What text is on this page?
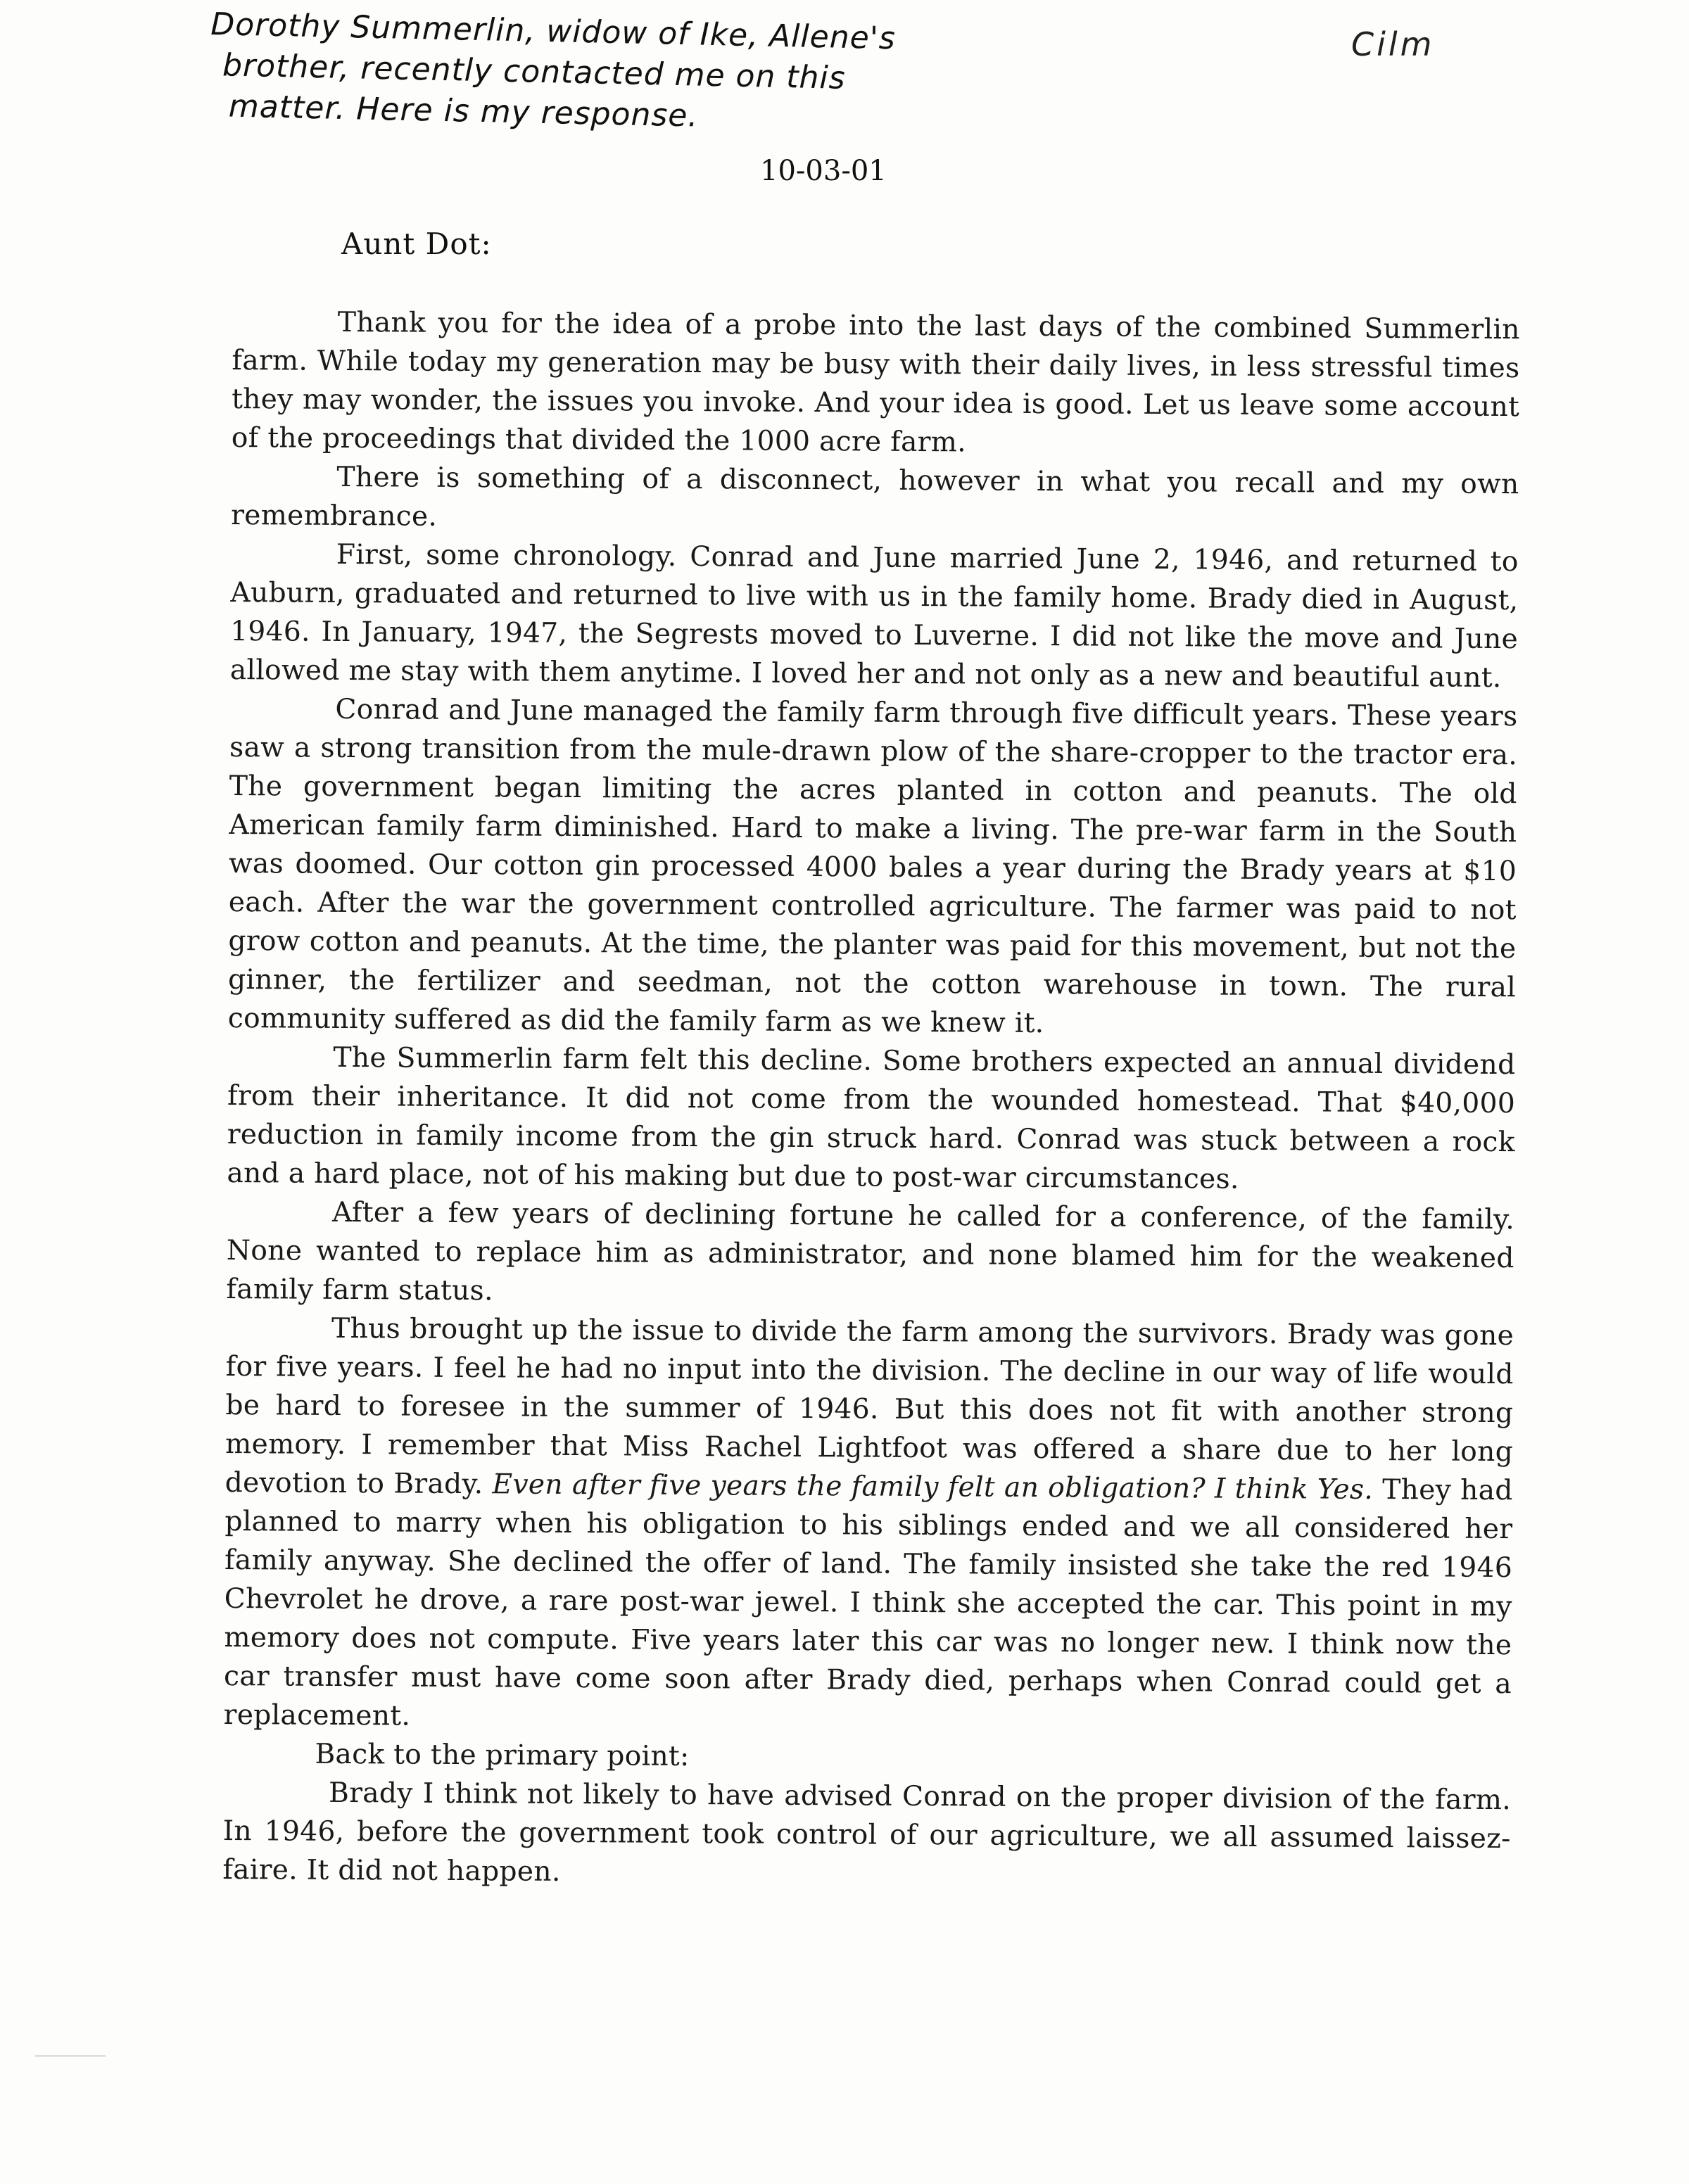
Dorothy Summerlin, widow of Ike, Allene's
brother, recently contacted me on this
matter. Here is my response.
Cilm
10-03-01
Aunt Dot:

Thank you for the idea of a probe into the last days of the combined Summerlin farm. While today my generation may be busy with their daily lives, in less stressful times they may wonder, the issues you invoke. And your idea is good. Let us leave some account of the proceedings that divided the 1000 acre farm.

There is something of a disconnect, however in what you recall and my own remembrance.

First, some chronology. Conrad and June married June 2, 1946, and returned to Auburn, graduated and returned to live with us in the family home. Brady died in August, 1946. In January, 1947, the Segrests moved to Luverne. I did not like the move and June allowed me stay with them anytime. I loved her and not only as a new and beautiful aunt.

Conrad and June managed the family farm through five difficult years. These years saw a strong transition from the mule-drawn plow of the share-cropper to the tractor era. The government began limiting the acres planted in cotton and peanuts. The old American family farm diminished. Hard to make a living. The pre-war farm in the South was doomed. Our cotton gin processed 4000 bales a year during the Brady years at $10 each. After the war the government controlled agriculture. The farmer was paid to not grow cotton and peanuts. At the time, the planter was paid for this movement, but not the ginner, the fertilizer and seedman, not the cotton warehouse in town. The rural community suffered as did the family farm as we knew it.

The Summerlin farm felt this decline. Some brothers expected an annual dividend from their inheritance. It did not come from the wounded homestead. That $40,000 reduction in family income from the gin struck hard. Conrad was stuck between a rock and a hard place, not of his making but due to post-war circumstances.

After a few years of declining fortune he called for a conference, of the family. None wanted to replace him as administrator, and none blamed him for the weakened family farm status.

Thus brought up the issue to divide the farm among the survivors. Brady was gone for five years. I feel he had no input into the division. The decline in our way of life would be hard to foresee in the summer of 1946. But this does not fit with another strong memory. I remember that Miss Rachel Lightfoot was offered a share due to her long devotion to Brady. Even after five years the family felt an obligation? I think Yes. They had planned to marry when his obligation to his siblings ended and we all considered her family anyway. She declined the offer of land. The family insisted she take the red 1946 Chevrolet he drove, a rare post-war jewel. I think she accepted the car. This point in my memory does not compute. Five years later this car was no longer new. I think now the car transfer must have come soon after Brady died, perhaps when Conrad could get a replacement.

Back to the primary point:

Brady I think not likely to have advised Conrad on the proper division of the farm. In 1946, before the government took control of our agriculture, we all assumed laissez-faire. It did not happen.
